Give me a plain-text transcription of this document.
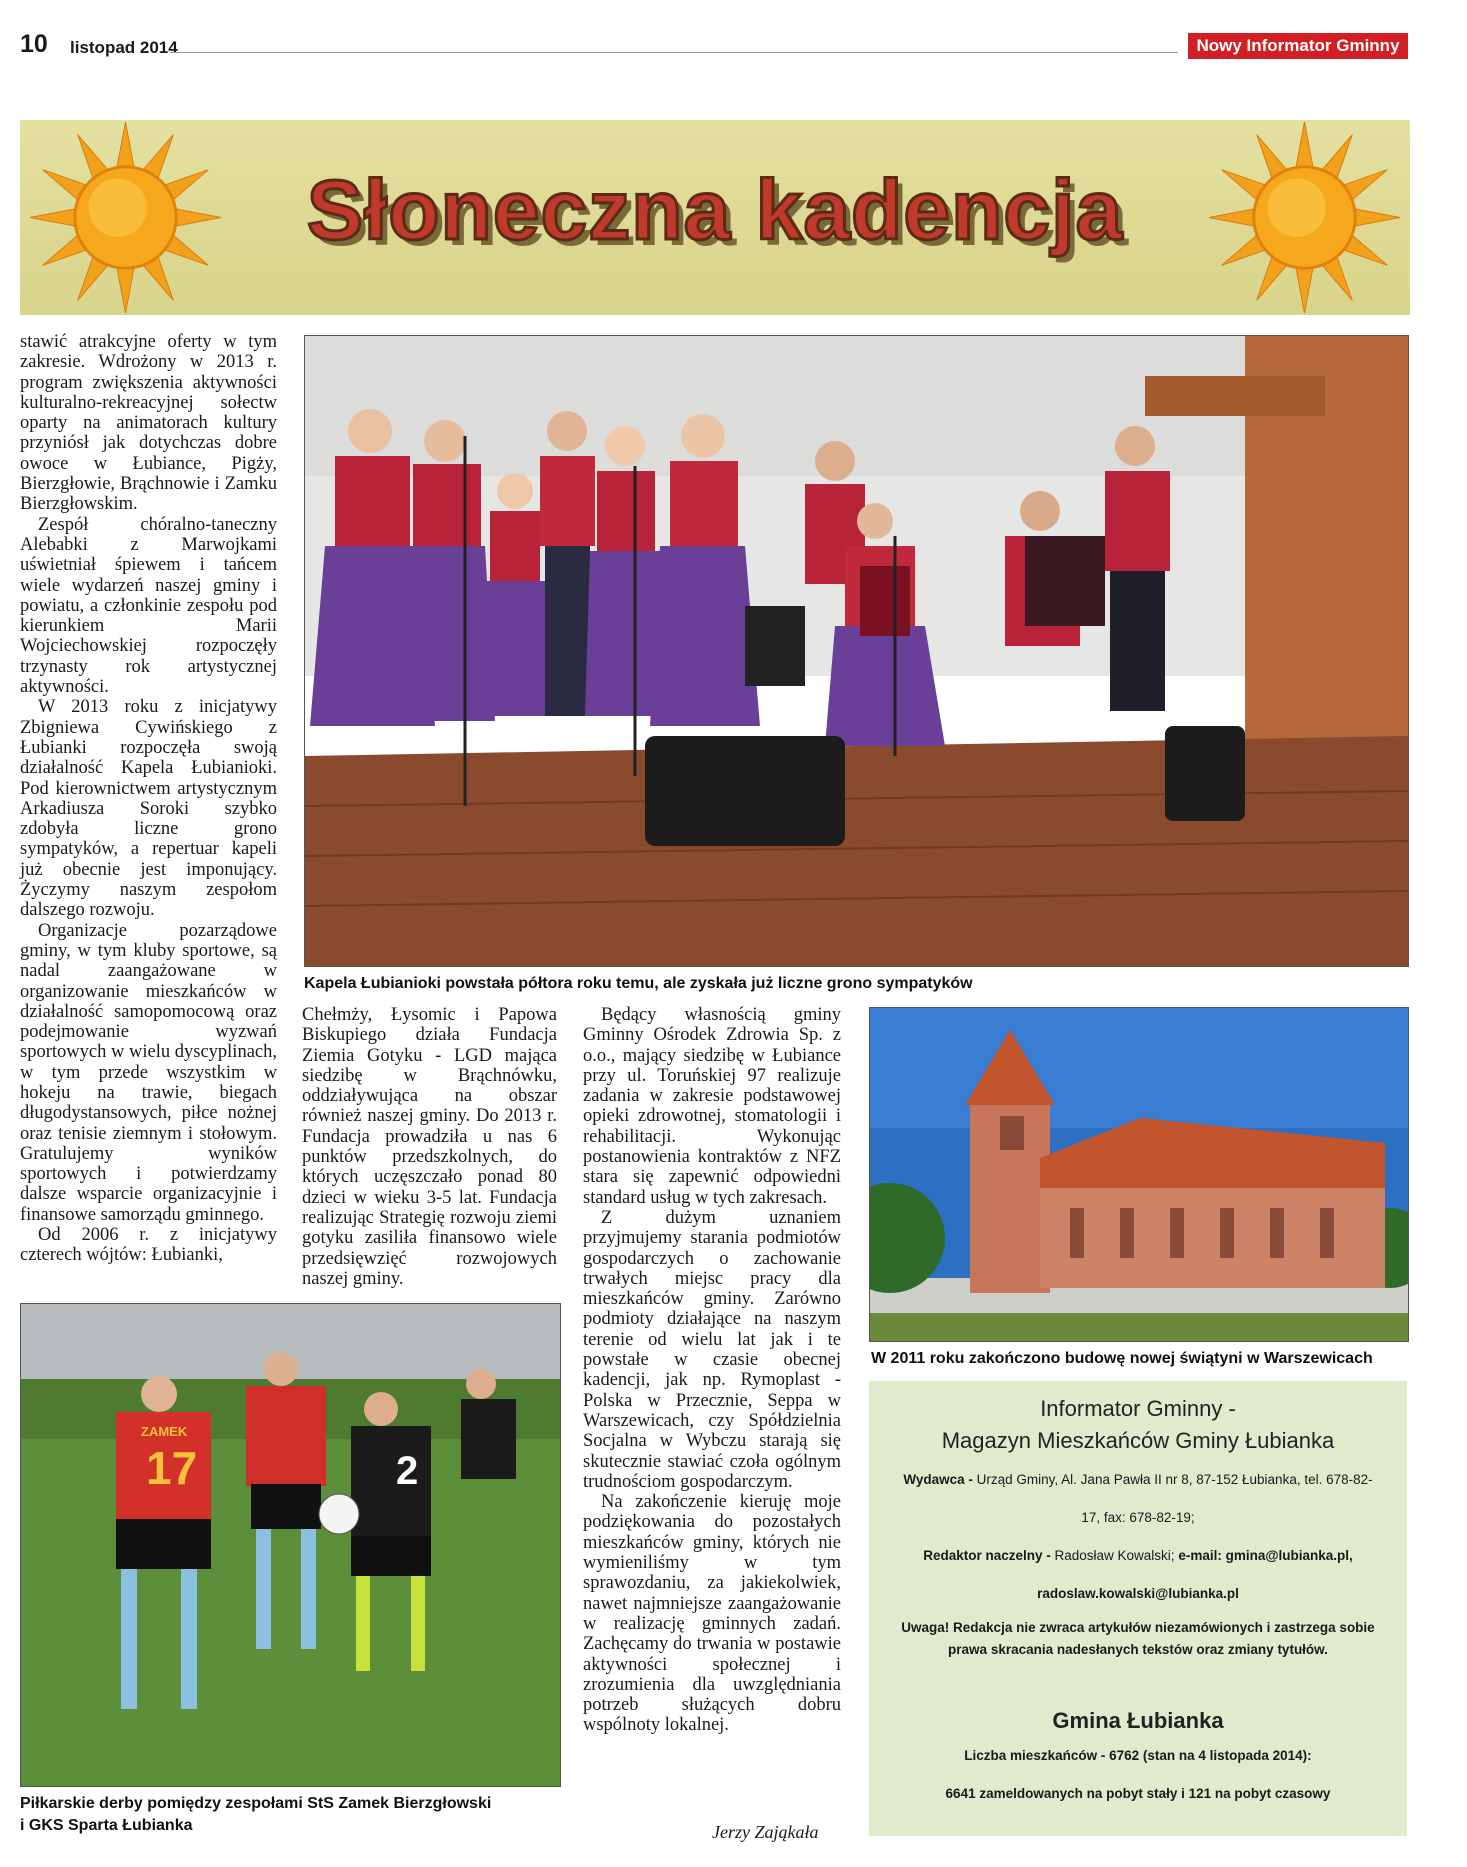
10 listopad 2014	Nowy Informator Gminny
Słoneczna kadencja

stawić atrakcyjne oferty w tym zakresie. Wdrożony w 2013 r. program zwiększenia aktywności kulturalno-rekreacyjnej sołectw oparty na animatorach kultury przyniósł jak dotychczas dobre owoce w Łubiance, Pigży, Bierzgłowie, Brąchnowie i Zamku Bierzgłowskim.

Zespół chóralno-taneczny Alebabki z Marwojkami uświetniał śpiewem i tańcem wiele wydarzeń naszej gminy i powiatu, a członkinie zespołu pod kierunkiem Marii Wojciechowskiej rozpoczęły trzynasty rok artystycznej aktywności.

W 2013 roku z inicjatywy Zbigniewa Cywińskiego z Łubianki rozpoczęła swoją działalność Kapela Łubianioki. Pod kierownictwem artystycznym Arkadiusza Soroki szybko zdobyła liczne grono sympatyków, a repertuar kapeli już obecnie jest imponujący. Życzymy naszym zespołom dalszego rozwoju.

Organizacje pozarządowe gminy, w tym kluby sportowe, są nadal zaangażowane w organizowanie mieszkańców w działalność samopomocową oraz podejmowanie wyzwań sportowych w wielu dyscyplinach, w tym przede wszystkim w hokeju na trawie, biegach długodystansowych, piłce nożnej oraz tenisie ziemnym i stołowym. Gratulujemy wyników sportowych i potwierdzamy dalsze wsparcie organizacyjnie i finansowe samorządu gminnego.

Od 2006 r. z inicjatywy czterech wójtów: Łubianki,

Kapela Łubianioki powstała półtora roku temu, ale zyskała już liczne grono sympatyków

Chełmży, Łysomic i Papowa Biskupiego działa Fundacja Ziemia Gotyku - LGD mająca siedzibę w Brąchnówku, oddziaływująca na obszar również naszej gminy. Do 2013 r. Fundacja prowadziła u nas 6 punktów przedszkolnych, do których uczęszczało ponad 80 dzieci w wieku 3-5 lat. Fundacja realizując Strategię rozwoju ziemi gotyku zasiliła finansowo wiele przedsięwzięć rozwojowych naszej gminy.

Będący własnością gminy Gminny Ośrodek Zdrowia Sp. z o.o., mający siedzibę w Łubiance przy ul. Toruńskiej 97 realizuje zadania w zakresie podstawowej opieki zdrowotnej, stomatologii i rehabilitacji. Wykonując postanowienia kontraktów z NFZ stara się zapewnić odpowiedni standard usług w tych zakresach.

Z dużym uznaniem przyjmujemy starania podmiotów gospodarczych o zachowanie trwałych miejsc pracy dla mieszkańców gminy. Zarówno podmioty działające na naszym terenie od wielu lat jak i te powstałe w czasie obecnej kadencji, jak np. Rymoplast - Polska w Przecznie, Seppa w Warszewicach, czy Spółdzielnia Socjalna w Wybczu starają się skutecznie stawiać czoła ogólnym trudnościom gospodarczym.

Na zakończenie kieruję moje podziękowania do pozostałych mieszkańców gminy, których nie wymieniliśmy w tym sprawozdaniu, za jakiekolwiek, nawet najmniejsze zaangażowanie w realizację gminnych zadań. Zachęcamy do trwania w postawie aktywności społecznej i zrozumienia dla uwzględniania potrzeb służących dobru wspólnoty lokalnej.

Jerzy Zająkała
W 2011 roku zakończono budowę nowej świątyni w Warszewicach
17
ZAMEK
2
Piłkarskie derby pomiędzy zespołami StS Zamek Bierzgłowski
i GKS Sparta Łubianka
Informator Gminny -
Magazyn Mieszkańców Gminy Łubianka
Wydawca - Urząd Gminy, Al. Jana Pawła II nr 8, 87-152 Łubianka, tel. 678-82-
17, fax: 678-82-19;
Redaktor naczelny - Radosław Kowalski; e-mail: gmina@lubianka.pl,
radoslaw.kowalski@lubianka.pl
Uwaga! Redakcja nie zwraca artykułów niezamówionych i zastrzega sobie
prawa skracania nadesłanych tekstów oraz zmiany tytułów.
Gmina Łubianka
Liczba mieszkańców - 6762 (stan na 4 listopada 2014):
6641 zameldowanych na pobyt stały i 121 na pobyt czasowy
